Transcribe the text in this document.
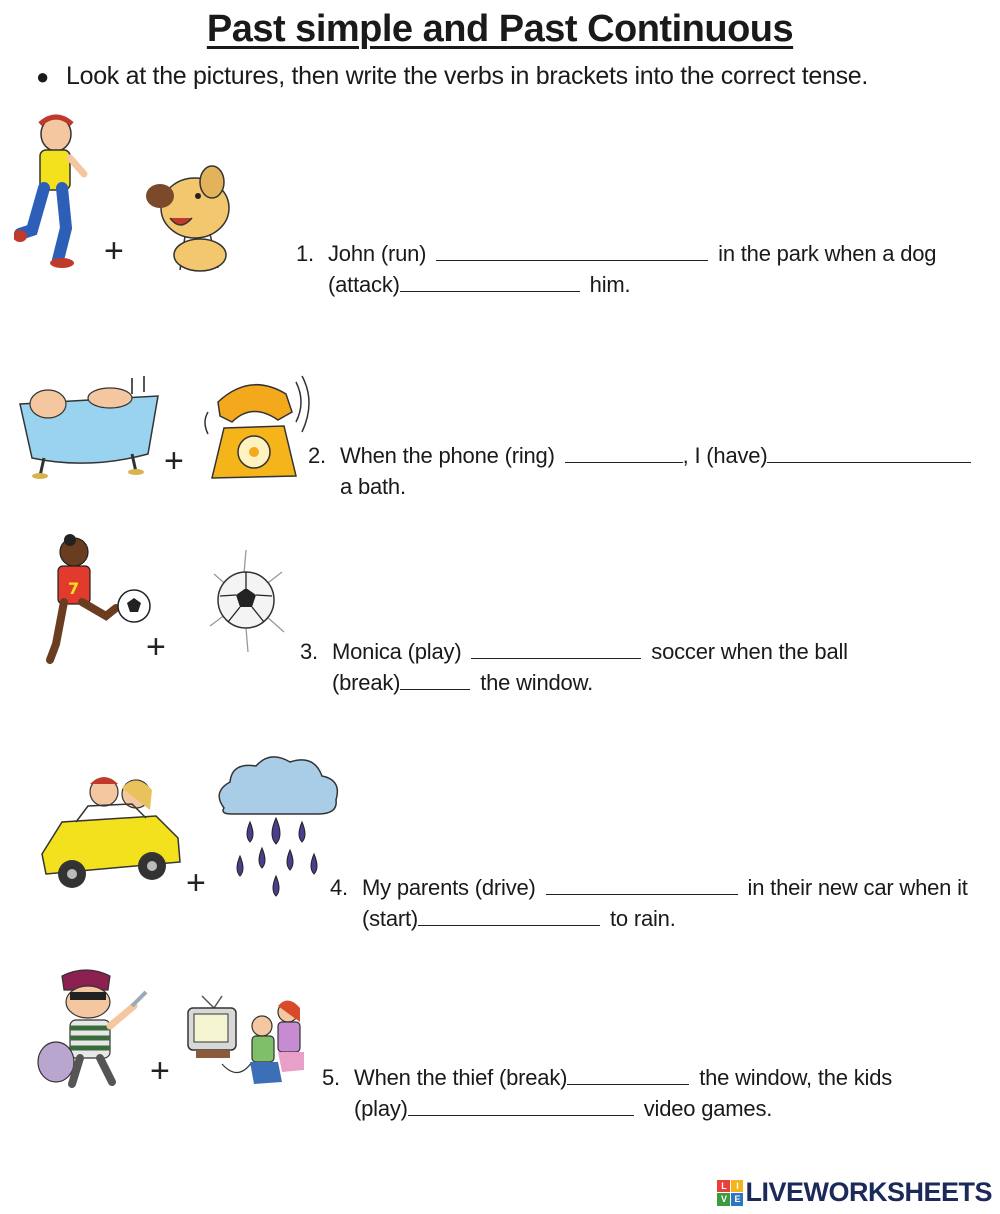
Past simple and Past Continuous
● Look at the pictures, then write the verbs in brackets into the correct tense.
+	1. John (run)	in the park when a dog
(attack)	him.
+	2. When the phone (ring)	, I (have)
a bath.
7
+	3. Monica (play)	soccer when the ball
(break)	the window.
+	4. My parents (drive)	in their new car when it
(start)	to rain.
+	5. When the thief (break)	the window, the kids
(play)	video games.
L	I
V E LIVEWORKSHEETS
